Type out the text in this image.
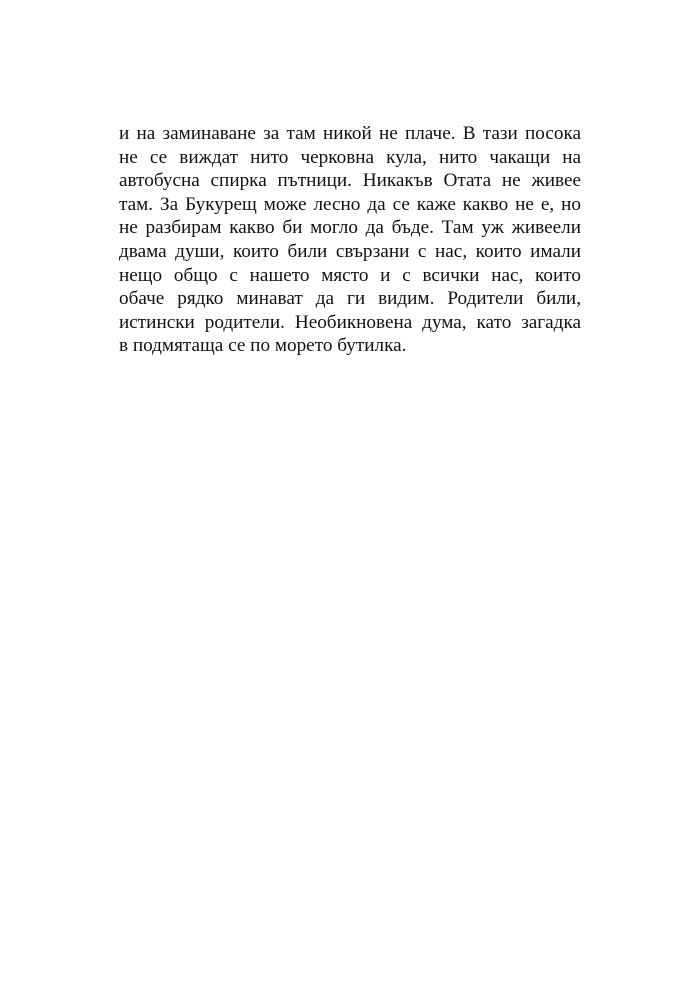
и на заминаване за там никой не плаче. В тази посока
не се виждат нито черковна кула, нито чакащи на
автобусна спирка пътници. Никакъв Отата не живее
там. За Букурещ може лесно да се каже какво не е, но
не разбирам какво би могло да бъде. Там уж живеели
двама души, които били свързани с нас, които имали
нещо общо с нашето място и с всички нас, които
обаче рядко минават да ги видим. Родители били,
истински родители. Необикновена дума, като загадка
в подмятаща се по морето бутилка.
